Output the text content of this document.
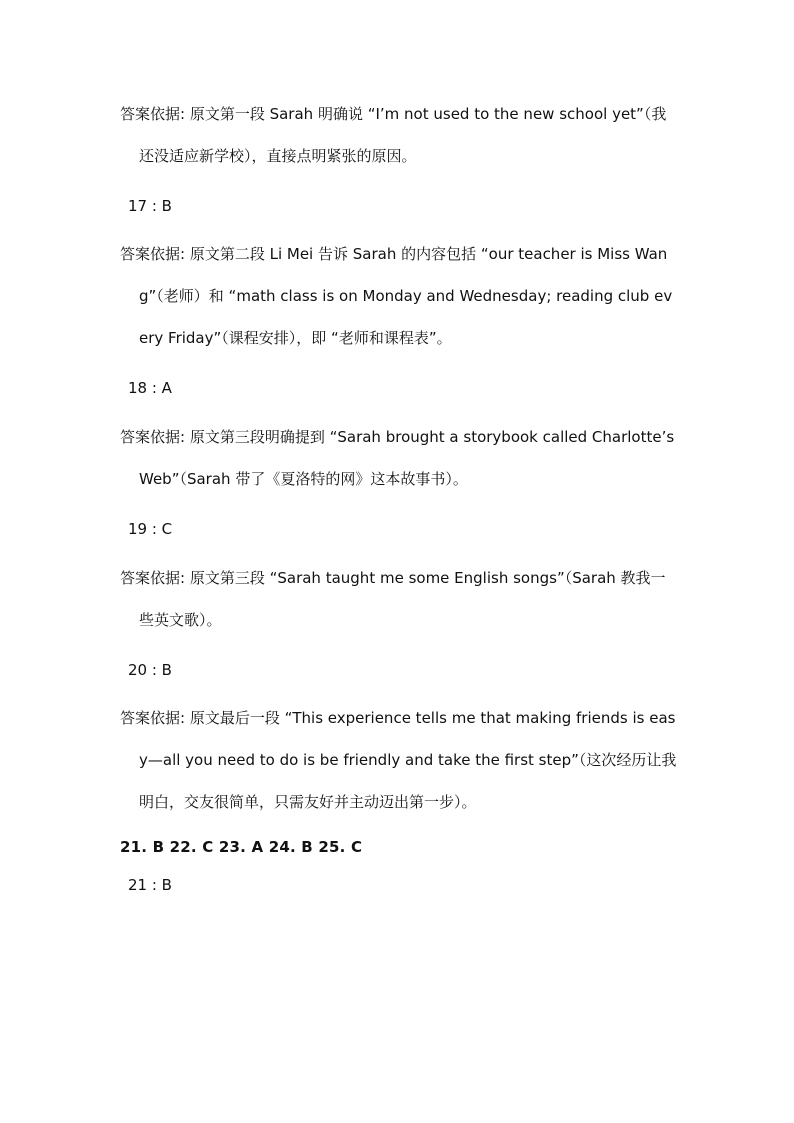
答案依据: 原文第一段 Sarah 明确说 “I’m not used to the new school yet”（我还没适应新学校），直接点明紧张的原因。

17 : B

答案依据: 原文第二段 Li Mei 告诉 Sarah 的内容包括 “our teacher is Miss Wang”（老师）和 “math class is on Monday and Wednesday; reading club every Friday”（课程安排），即 “老师和课程表”。

18 : A

答案依据: 原文第三段明确提到 “Sarah brought a storybook called Charlotte’s Web”（Sarah 带了《夏洛特的网》这本故事书）。

19 : C

答案依据: 原文第三段 “Sarah taught me some English songs”（Sarah 教我一些英文歌）。

20 : B

答案依据: 原文最后一段 “This experience tells me that making friends is easy—all you need to do is be friendly and take the first step”（这次经历让我明白，交友很简单，只需友好并主动迈出第一步）。

21. B 22. C 23. A 24. B 25. C

21 : B
